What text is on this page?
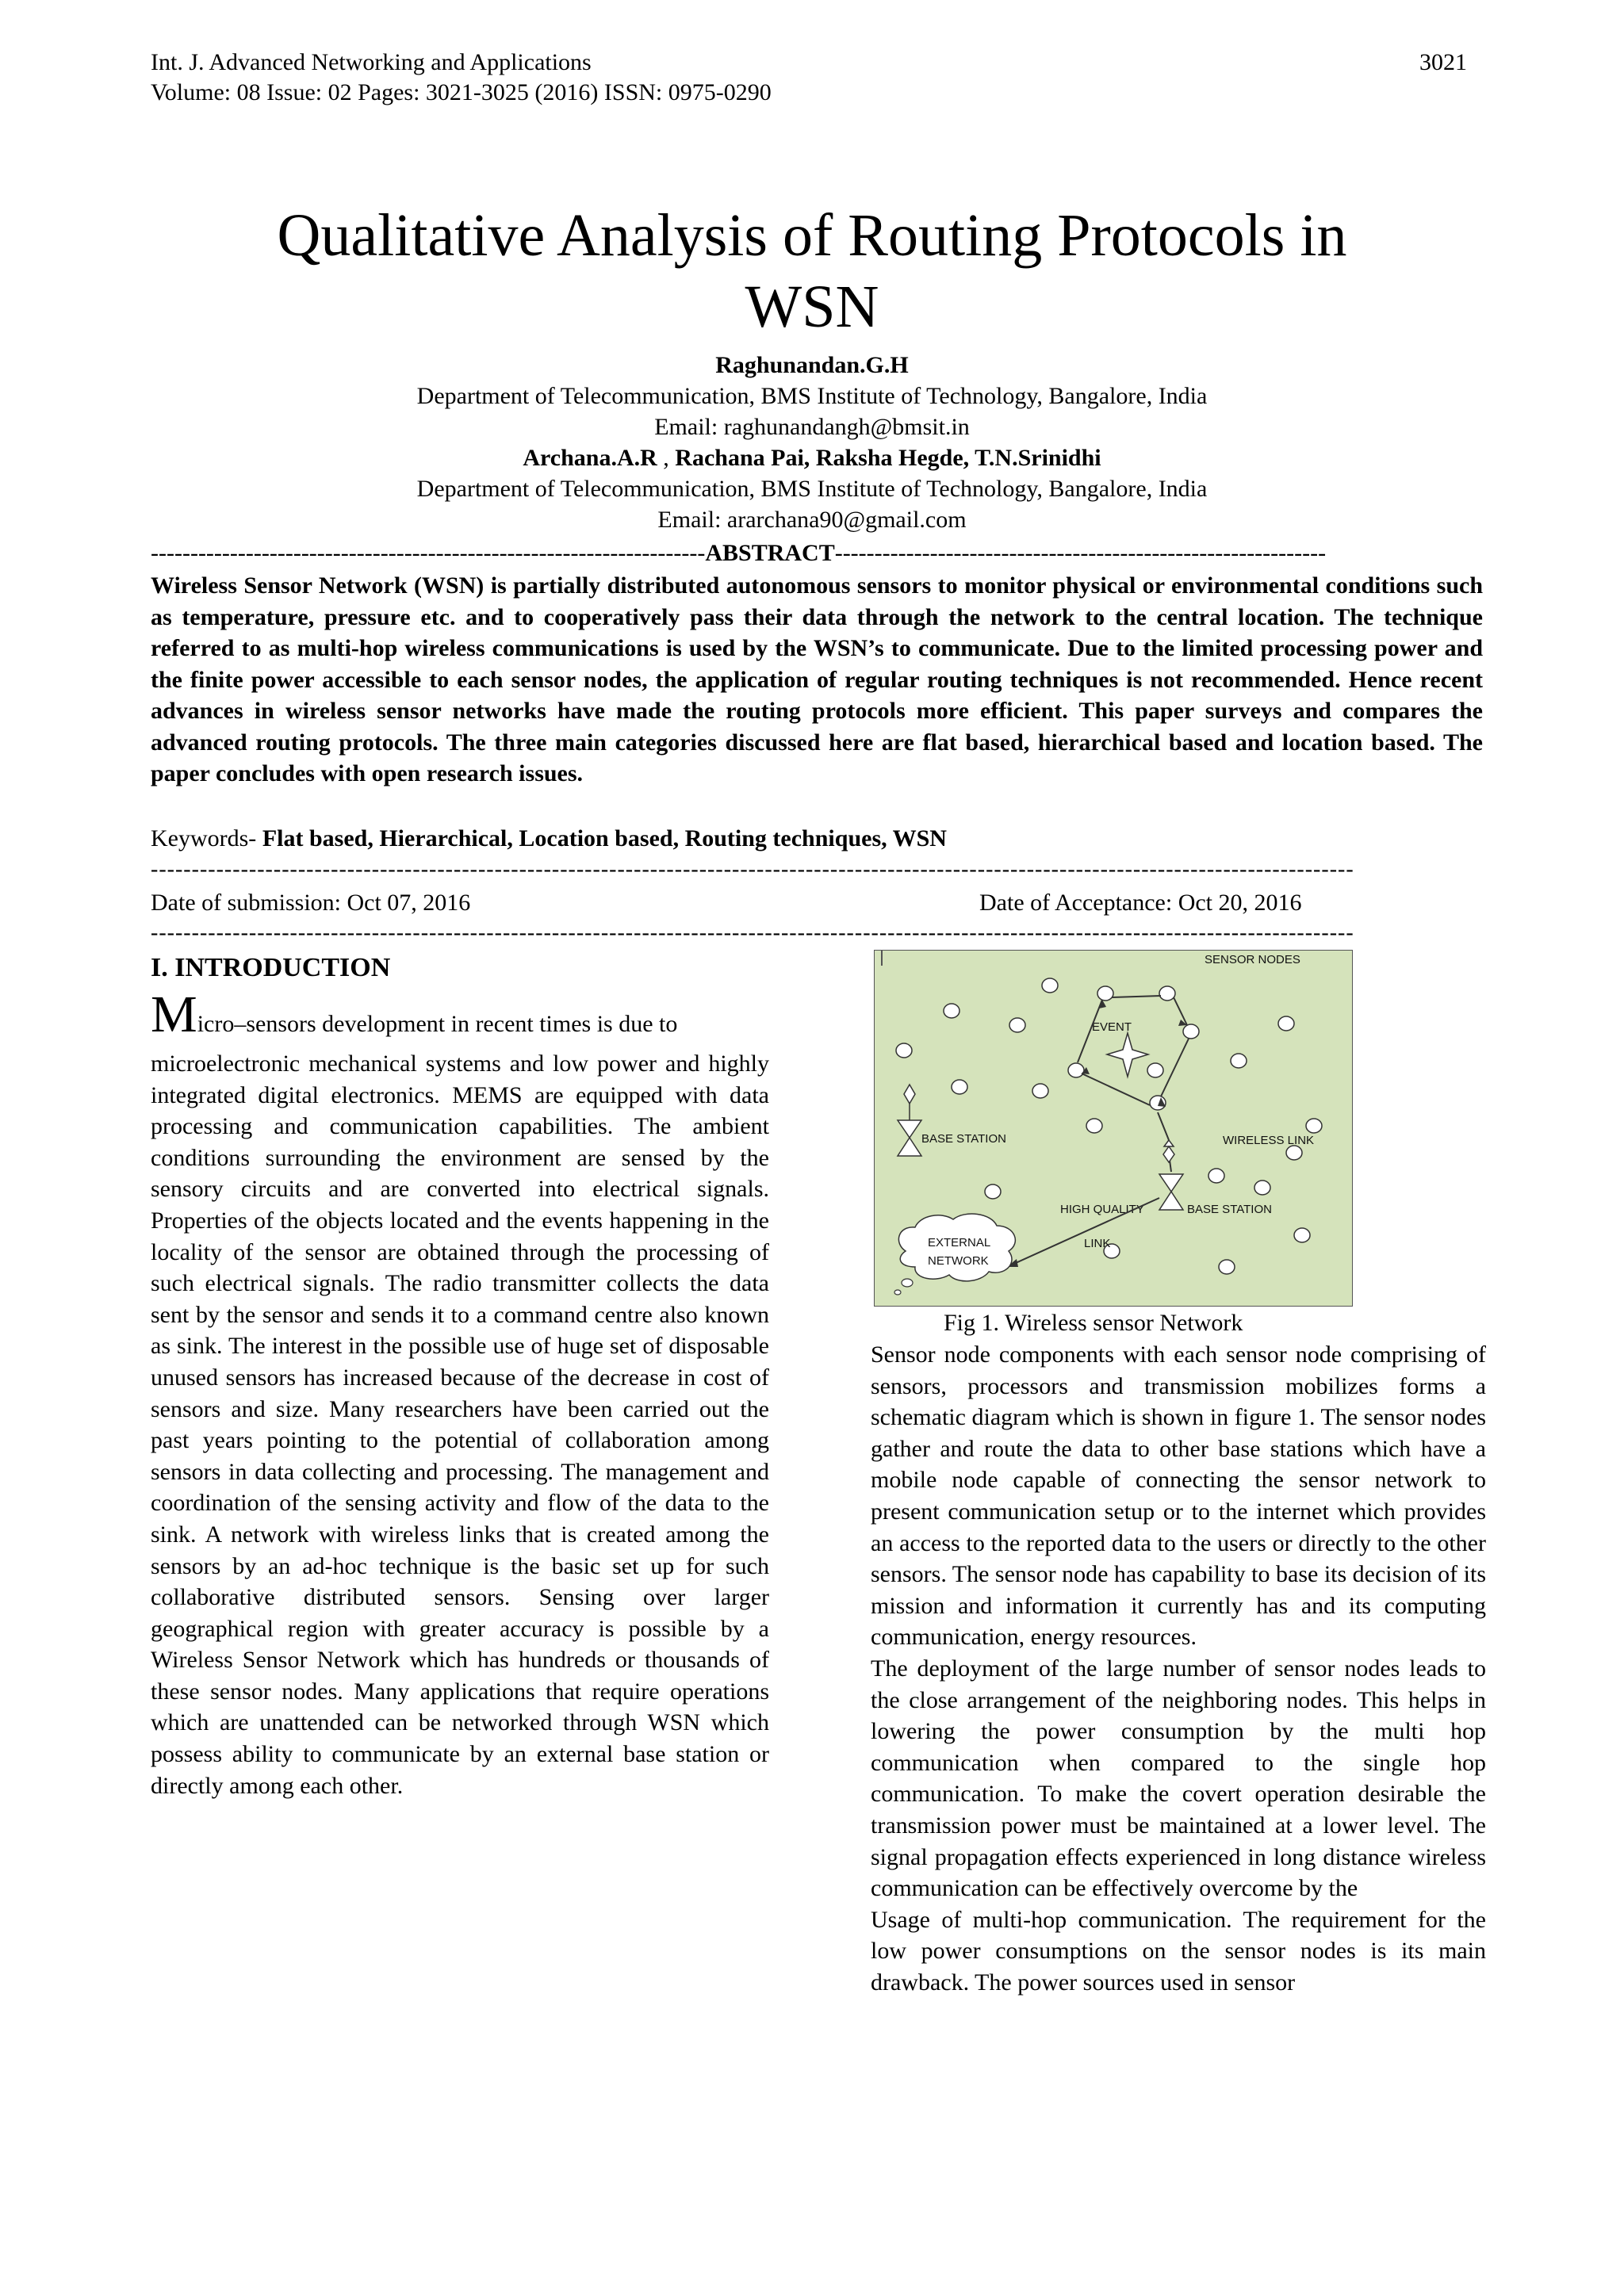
Int. J. Advanced Networking and Applications
Volume: 08 Issue: 02 Pages: 3021-3025 (2016) ISSN: 0975-0290
3021
Qualitative Analysis of Routing Protocols in
WSN
Raghunandan.G.H
Department of Telecommunication, BMS Institute of Technology, Bangalore, India
Email: raghunandangh@bmsit.in
Archana.A.R , Rachana Pai, Raksha Hegde, T.N.Srinidhi
Department of Telecommunication, BMS Institute of Technology, Bangalore, India
Email: ararchana90@gmail.com
----------------------------------------------------------------------ABSTRACT--------------------------------------------------------------
Wireless Sensor Network (WSN) is partially distributed autonomous sensors to monitor physical or environmental conditions such as temperature, pressure etc. and to cooperatively pass their data through the network to the central location. The technique referred to as multi-hop wireless communications is used by the WSN’s to communicate. Due to the limited processing power and the finite power accessible to each sensor nodes, the application of regular routing techniques is not recommended. Hence recent advances in wireless sensor networks have made the routing protocols more efficient. This paper surveys and compares the advanced routing protocols. The three main categories discussed here are flat based, hierarchical based and location based. The paper concludes with open research issues.
Keywords- Flat based, Hierarchical, Location based, Routing techniques, WSN
---------------------------------------------------------------------------------------------------------------------------------------------------
Date of submission: Oct 07, 2016	Date of Acceptance: Oct 20, 2016
---------------------------------------------------------------------------------------------------------------------------------------------------
I. INTRODUCTION
Micro–sensors development in recent times is due to
microelectronic mechanical systems and low power and highly integrated digital electronics. MEMS are equipped with data processing and communication capabilities. The ambient conditions surrounding the environment are sensed by the sensory circuits and are converted into electrical signals. Properties of the objects located and the events happening in the locality of the sensor are obtained through the processing of such electrical signals. The radio transmitter collects the data sent by the sensor and sends it to a command centre also known as sink. The interest in the possible use of huge set of disposable unused sensors has increased because of the decrease in cost of sensors and size. Many researchers have been carried out the past years pointing to the potential of collaboration among sensors in data collecting and processing. The management and coordination of the sensing activity and flow of the data to the sink. A network with wireless links that is created among the sensors by an ad-hoc technique is the basic set up for such collaborative distributed sensors. Sensing over larger geographical region with greater accuracy is possible by a Wireless Sensor Network which has hundreds or thousands of these sensor nodes. Many applications that require operations which are unattended can be networked through WSN which possess ability to communicate by an external base station or directly among each other.
SENSOR NODES
EVENT
BASE STATION	WIRELESS LINK
BASE STATION
HIGH QUALITY
LINK
EXTERNAL
NETWORK
Fig 1. Wireless sensor Network
Sensor node components with each sensor node comprising of sensors, processors and transmission mobilizes forms a schematic diagram which is shown in figure 1. The sensor nodes gather and route the data to other base stations which have a mobile node capable of connecting the sensor network to present communication setup or to the internet which provides an access to the reported data to the users or directly to the other sensors. The sensor node has capability to base its decision of its mission and information it currently has and its computing communication, energy resources.
The deployment of the large number of sensor nodes leads to the close arrangement of the neighboring nodes. This helps in lowering the power consumption by the multi hop communication when compared to the single hop communication. To make the covert operation desirable the transmission power must be maintained at a lower level. The signal propagation effects experienced in long distance wireless communication can be effectively overcome by the
Usage of multi-hop communication. The requirement for the low power consumptions on the sensor nodes is its main drawback. The power sources used in sensor
